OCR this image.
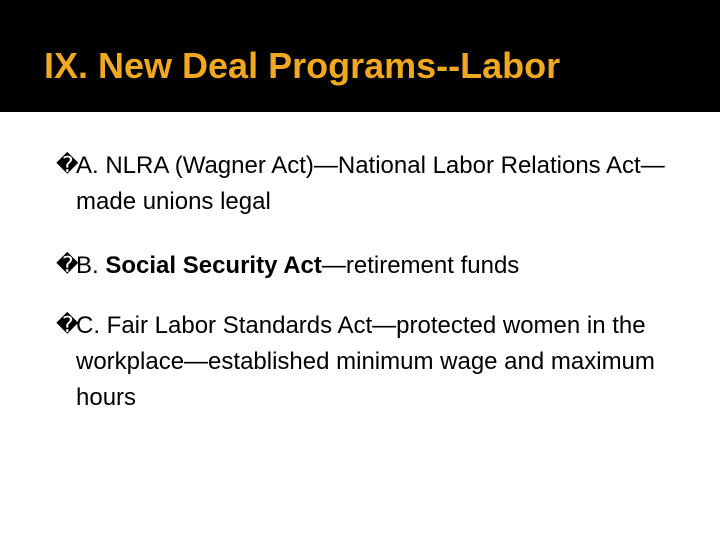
IX. New Deal Programs--Labor
�
A. NLRA (Wagner Act)—National Labor Relations Act—made unions legal
�
B. Social Security Act—retirement funds
�
C. Fair Labor Standards Act—protected women in the workplace—established minimum wage and maximum hours
